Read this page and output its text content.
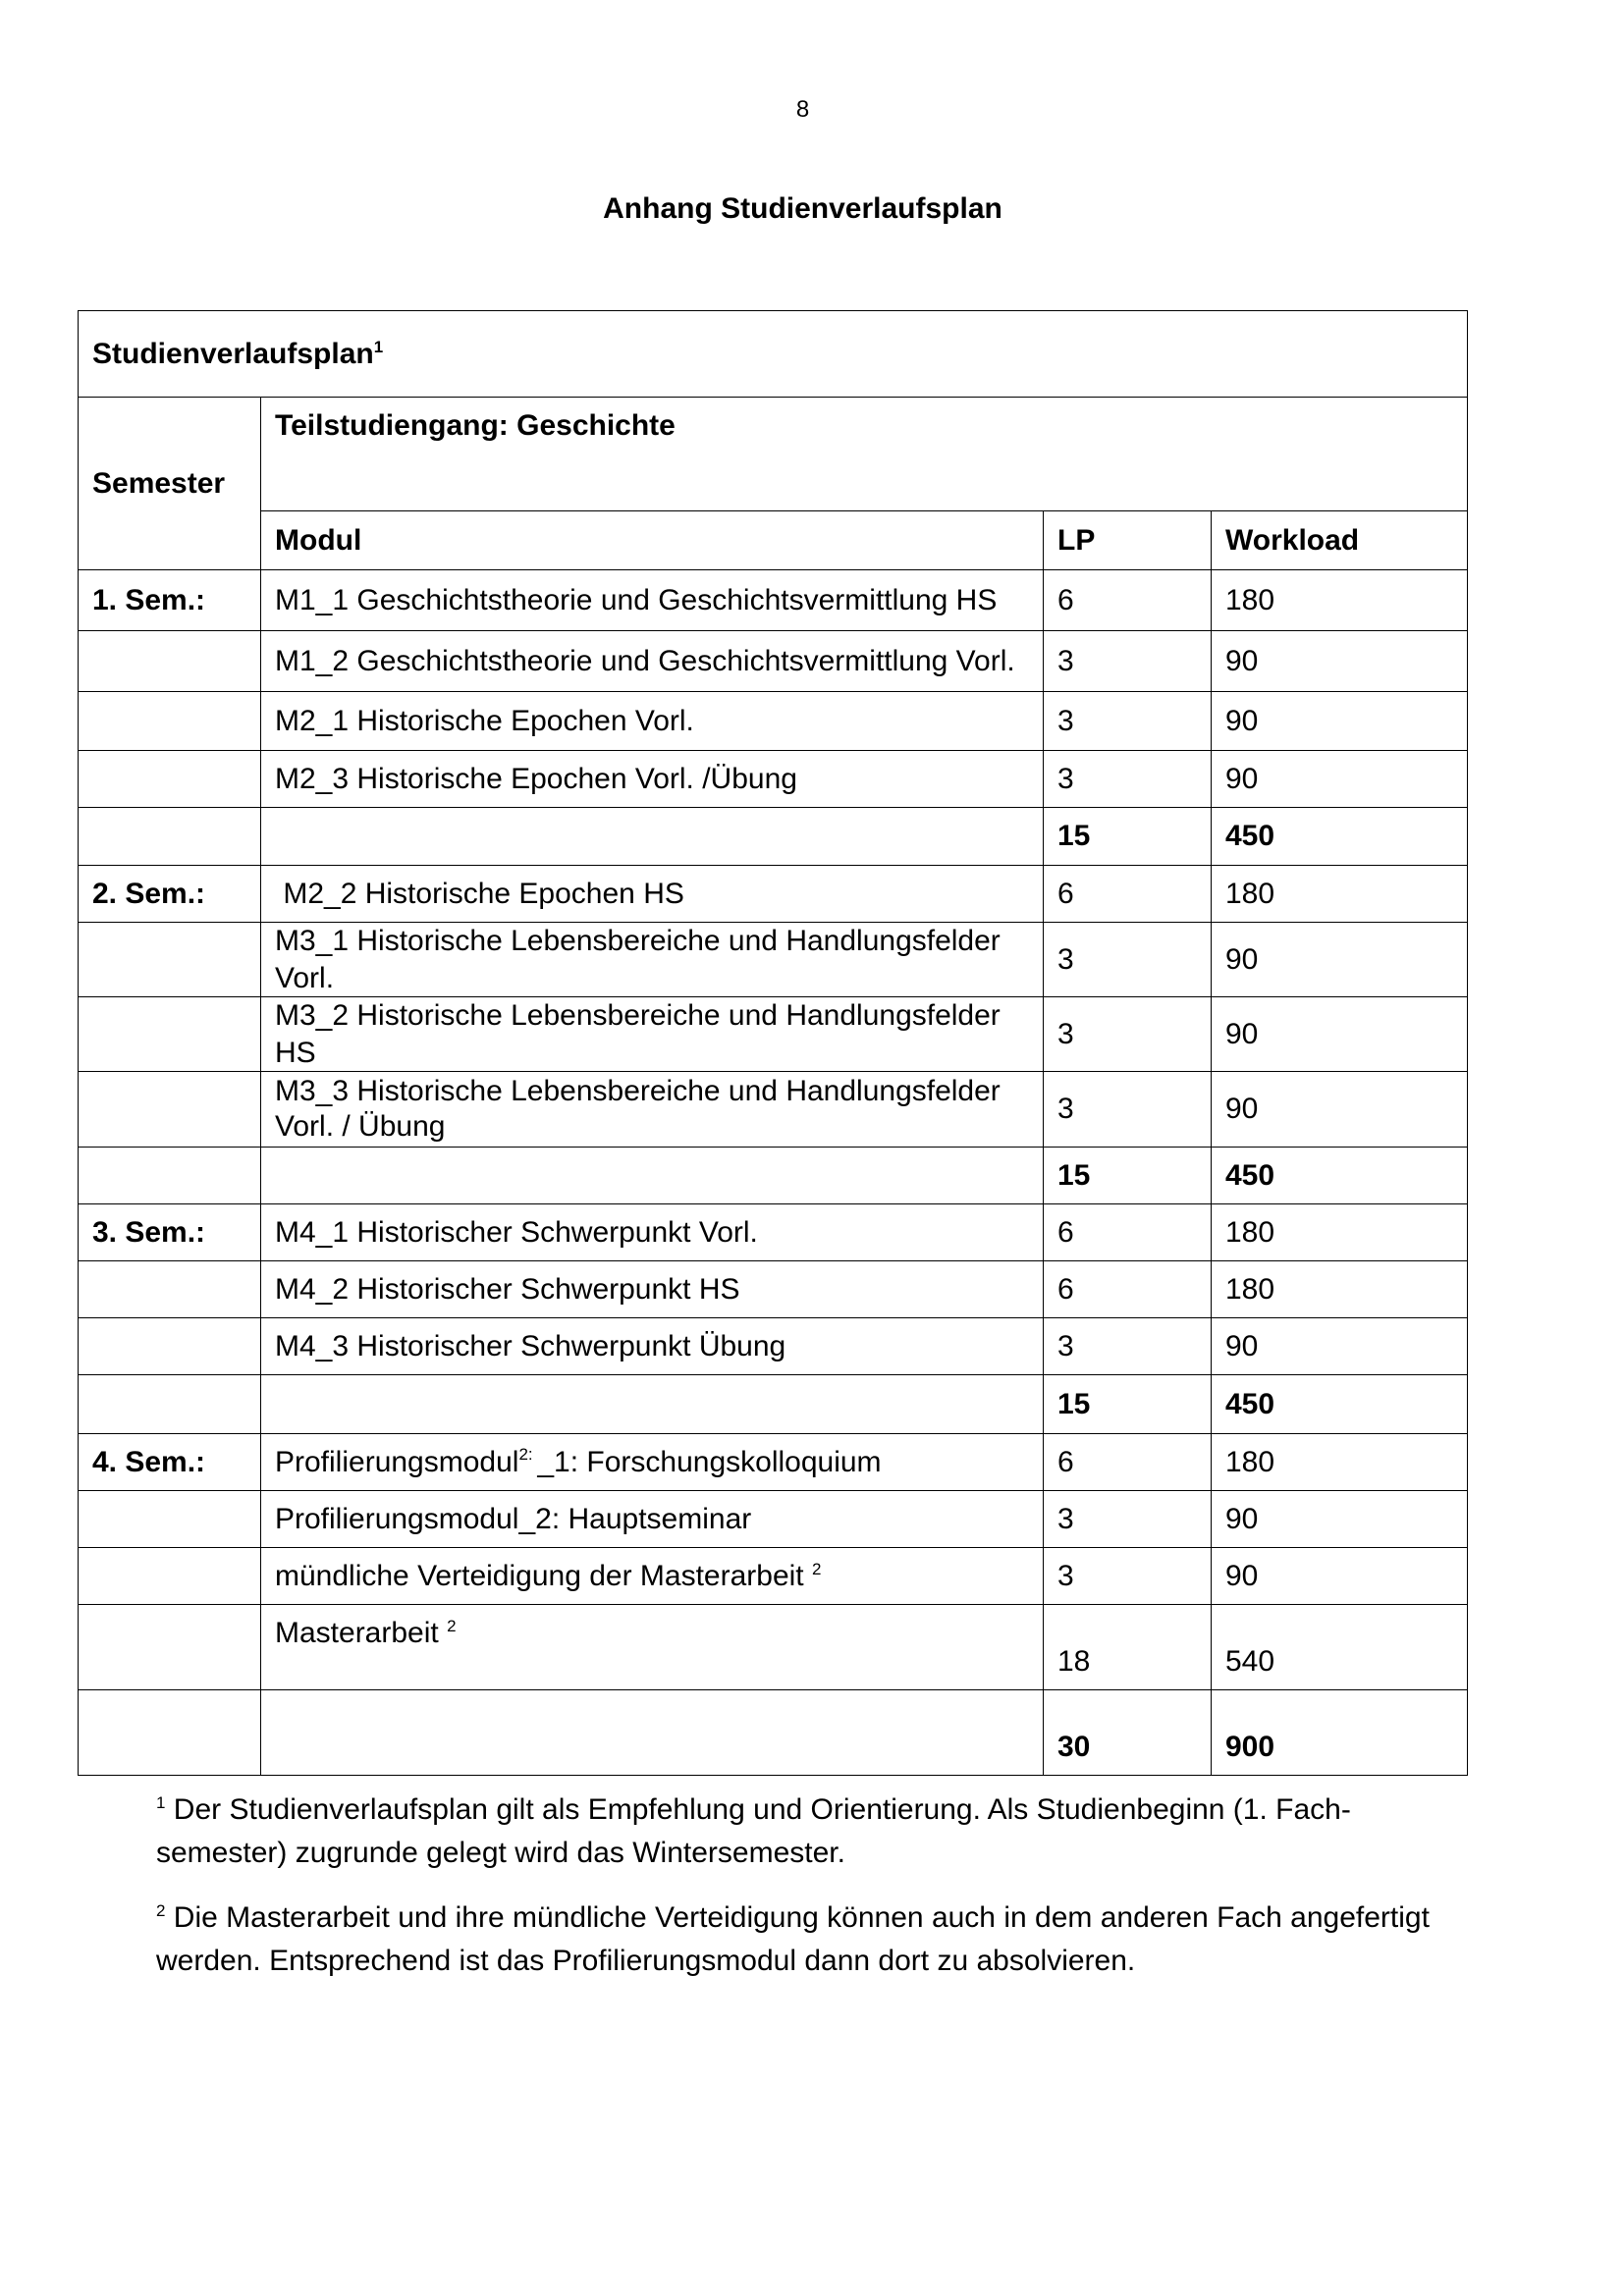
8
Anhang Studienverlaufsplan
Studienverlaufsplan$^1$
Semester	Teilstudiengang: Geschichte		
	Modul	LP	Workload
1. Sem.:	M1_1 Geschichtstheorie und Geschichtsvermittlung HS	6	180
	M1_2 Geschichtstheorie und Geschichtsvermittlung Vorl.	3	90
	M2_1 Historische Epochen Vorl.	3	90
	M2_3 Historische Epochen Vorl. /Übung	3	90
		15	450
2. Sem.:	M2_2 Historische Epochen HS	6	180
	M3_1 Historische Lebensbereiche und Handlungsfelder Vorl.	3	90
	M3_2 Historische Lebensbereiche und Handlungsfelder HS	3	90
	M3_3 Historische Lebensbereiche und Handlungsfelder Vorl. / Übung	3	90
		15	450
3. Sem.:	M4_1 Historischer Schwerpunkt Vorl.	6	180
	M4_2 Historischer Schwerpunkt HS	6	180
	M4_3 Historischer Schwerpunkt Übung	3	90
		15	450
4. Sem.:	Profilierungsmodul$^{2:}$ _1: Forschungskolloquium	6	180
	Profilierungsmodul_2: Hauptseminar	3	90
	mündliche Verteidigung der Masterarbeit $^2$	3	90
	Masterarbeit $^2$	18	540
		30	900

$^1$ Der Studienverlaufsplan gilt als Empfehlung und Orientierung. Als Studienbeginn (1. Fach-semester) zugrunde gelegt wird das Wintersemester.

$^2$ Die Masterarbeit und ihre mündliche Verteidigung können auch in dem anderen Fach angefertigt werden. Entsprechend ist das Profilierungsmodul dann dort zu absolvieren.
